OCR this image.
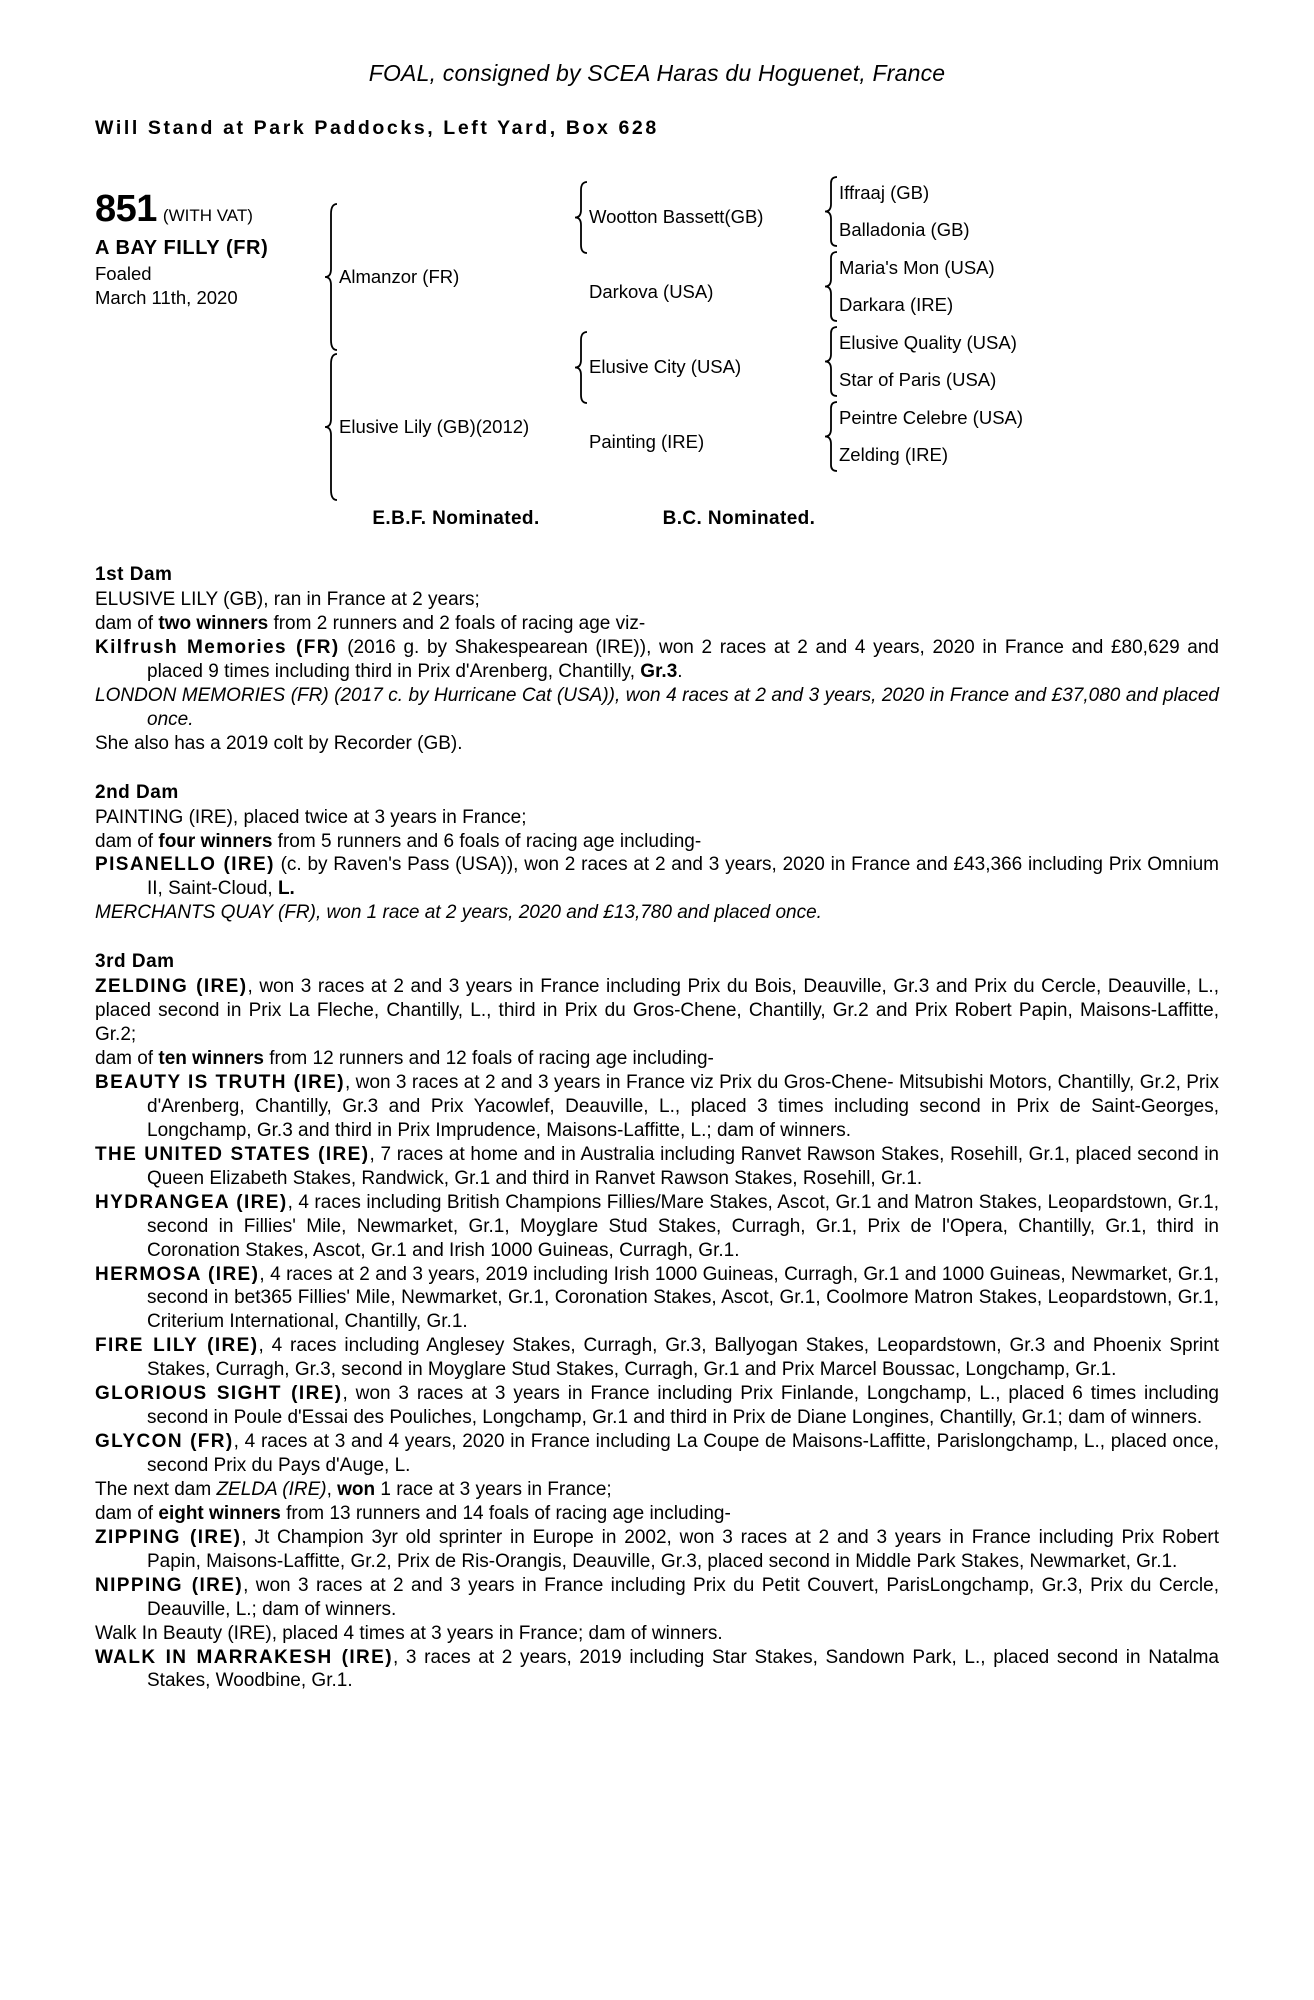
FOAL, consigned by SCEA Haras du Hoguenet, France
Will Stand at Park Paddocks, Left Yard, Box 628
851 (WITH VAT)
A BAY FILLY (FR)
Foaled
March 11th, 2020
Almanzor (FR)
Elusive Lily (GB) (2012)
Wootton Bassett (GB)
Darkova (USA)
Elusive City (USA)
Painting (IRE)
Iffraaj (GB)
Balladonia (GB)
Maria's Mon (USA)
Darkara (IRE)
Elusive Quality (USA)
Star of Paris (USA)
Peintre Celebre (USA)
Zelding (IRE)
E.B.F. Nominated.	B.C. Nominated.
1st Dam

ELUSIVE LILY (GB), ran in France at 2 years;

dam of two winners from 2 runners and 2 foals of racing age viz-

Kilfrush Memories (FR) (2016 g. by Shakespearean (IRE)), won 2 races at 2 and 4 years, 2020 in France and £80,629 and placed 9 times including third in Prix d'Arenberg, Chantilly, Gr.3.

LONDON MEMORIES (FR) (2017 c. by Hurricane Cat (USA)), won 4 races at 2 and 3 years, 2020 in France and £37,080 and placed once.

She also has a 2019 colt by Recorder (GB).

2nd Dam

PAINTING (IRE), placed twice at 3 years in France;

dam of four winners from 5 runners and 6 foals of racing age including-

PISANELLO (IRE) (c. by Raven's Pass (USA)), won 2 races at 2 and 3 years, 2020 in France and £43,366 including Prix Omnium II, Saint-Cloud, L.

MERCHANTS QUAY (FR), won 1 race at 2 years, 2020 and £13,780 and placed once.

3rd Dam

ZELDING (IRE), won 3 races at 2 and 3 years in France including Prix du Bois, Deauville, Gr.3 and Prix du Cercle, Deauville, L., placed second in Prix La Fleche, Chantilly, L., third in Prix du Gros-Chene, Chantilly, Gr.2 and Prix Robert Papin, Maisons-Laffitte, Gr.2;

dam of ten winners from 12 runners and 12 foals of racing age including-

BEAUTY IS TRUTH (IRE), won 3 races at 2 and 3 years in France viz Prix du Gros-Chene- Mitsubishi Motors, Chantilly, Gr.2, Prix d'Arenberg, Chantilly, Gr.3 and Prix Yacowlef, Deauville, L., placed 3 times including second in Prix de Saint-Georges, Longchamp, Gr.3 and third in Prix Imprudence, Maisons-Laffitte, L.; dam of winners.

THE UNITED STATES (IRE), 7 races at home and in Australia including Ranvet Rawson Stakes, Rosehill, Gr.1, placed second in Queen Elizabeth Stakes, Randwick, Gr.1 and third in Ranvet Rawson Stakes, Rosehill, Gr.1.

HYDRANGEA (IRE), 4 races including British Champions Fillies/Mare Stakes, Ascot, Gr.1 and Matron Stakes, Leopardstown, Gr.1, second in Fillies' Mile, Newmarket, Gr.1, Moyglare Stud Stakes, Curragh, Gr.1, Prix de l'Opera, Chantilly, Gr.1, third in Coronation Stakes, Ascot, Gr.1 and Irish 1000 Guineas, Curragh, Gr.1.

HERMOSA (IRE), 4 races at 2 and 3 years, 2019 including Irish 1000 Guineas, Curragh, Gr.1 and 1000 Guineas, Newmarket, Gr.1, second in bet365 Fillies' Mile, Newmarket, Gr.1, Coronation Stakes, Ascot, Gr.1, Coolmore Matron Stakes, Leopardstown, Gr.1, Criterium International, Chantilly, Gr.1.

FIRE LILY (IRE), 4 races including Anglesey Stakes, Curragh, Gr.3, Ballyogan Stakes, Leopardstown, Gr.3 and Phoenix Sprint Stakes, Curragh, Gr.3, second in Moyglare Stud Stakes, Curragh, Gr.1 and Prix Marcel Boussac, Longchamp, Gr.1.

GLORIOUS SIGHT (IRE), won 3 races at 3 years in France including Prix Finlande, Longchamp, L., placed 6 times including second in Poule d'Essai des Pouliches, Longchamp, Gr.1 and third in Prix de Diane Longines, Chantilly, Gr.1; dam of winners.

GLYCON (FR), 4 races at 3 and 4 years, 2020 in France including La Coupe de Maisons-Laffitte, Parislongchamp, L., placed once, second Prix du Pays d'Auge, L.

The next dam ZELDA (IRE), won 1 race at 3 years in France;

dam of eight winners from 13 runners and 14 foals of racing age including-

ZIPPING (IRE), Jt Champion 3yr old sprinter in Europe in 2002, won 3 races at 2 and 3 years in France including Prix Robert Papin, Maisons-Laffitte, Gr.2, Prix de Ris-Orangis, Deauville, Gr.3, placed second in Middle Park Stakes, Newmarket, Gr.1.

NIPPING (IRE), won 3 races at 2 and 3 years in France including Prix du Petit Couvert, ParisLongchamp, Gr.3, Prix du Cercle, Deauville, L.; dam of winners.

Walk In Beauty (IRE), placed 4 times at 3 years in France; dam of winners.

WALK IN MARRAKESH (IRE), 3 races at 2 years, 2019 including Star Stakes, Sandown Park, L., placed second in Natalma Stakes, Woodbine, Gr.1.
